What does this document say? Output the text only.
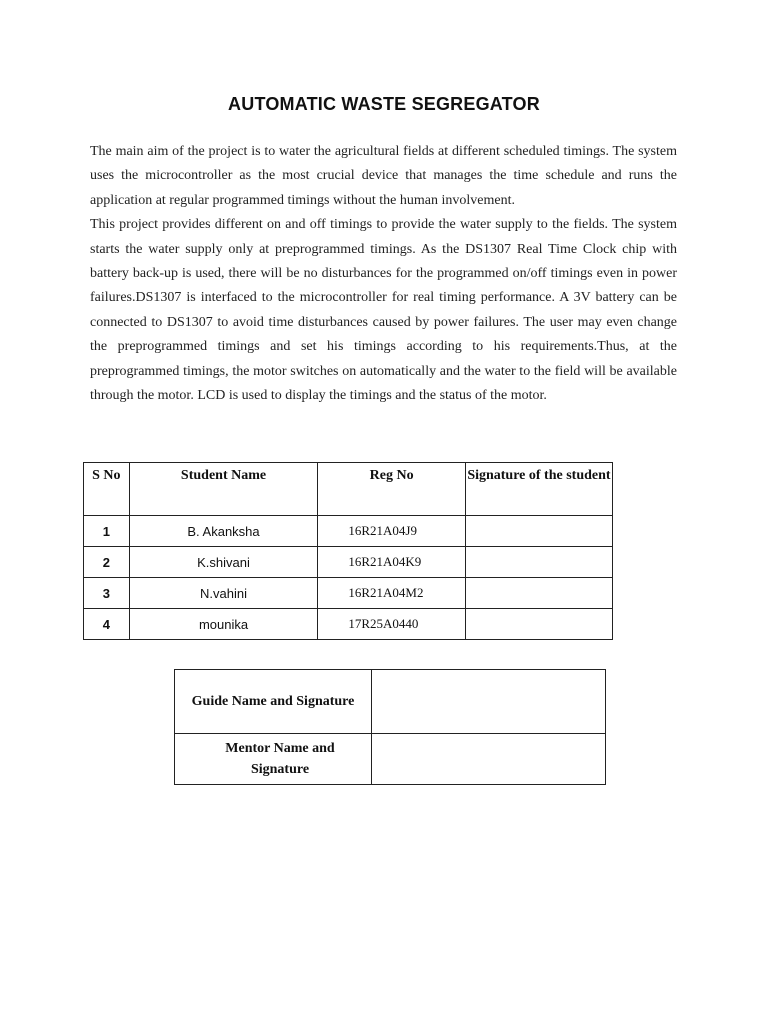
AUTOMATIC WASTE SEGREGATOR

The main aim of the project is to water the agricultural fields at different scheduled timings. The system uses the microcontroller as the most crucial device that manages the time schedule and runs the application at regular programmed timings without the human involvement.

This project provides different on and off timings to provide the water supply to the fields. The system starts the water supply only at preprogrammed timings. As the DS1307 Real Time Clock chip with battery back-up is used, there will be no disturbances for the programmed on/off timings even in power failures.DS1307 is interfaced to the microcontroller for real timing performance. A 3V battery can be connected to DS1307 to avoid time disturbances caused by power failures. The user may even change the preprogrammed timings and set his timings according to his requirements.Thus, at the preprogrammed timings, the motor switches on automatically and the water to the field will be available through the motor. LCD is used to display the timings and the status of the motor.

S No	Student Name	Reg No	Signature of the student
1	B. Akanksha	16R21A04J9	
2	K.shivani	16R21A04K9	
3	N.vahini	16R21A04M2	
4	mounika	17R25A0440	
Guide Name and Signature	

Mentor Name and Signature	
